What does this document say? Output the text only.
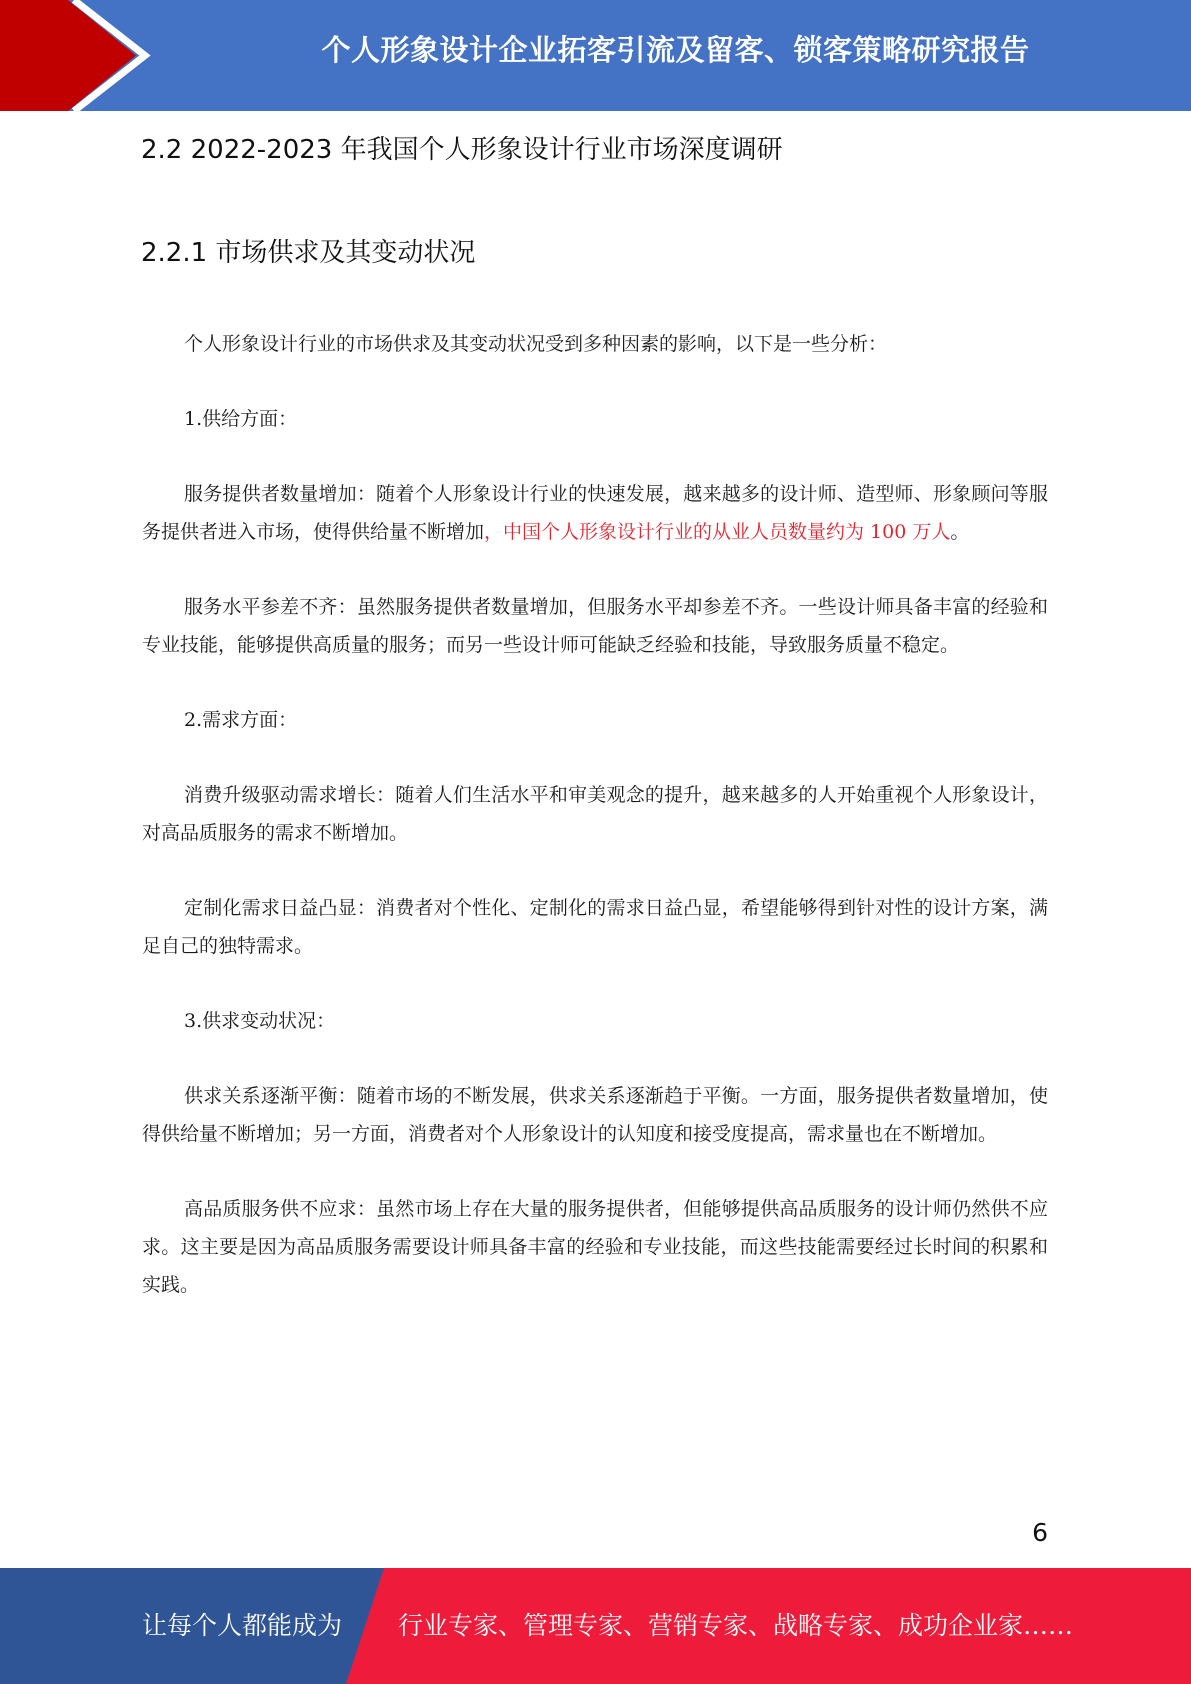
个人形象设计企业拓客引流及留客、锁客策略研究报告
2.2 2022-2023 年我国个人形象设计行业市场深度调研
2.2.1 市场供求及其变动状况

个人形象设计行业的市场供求及其变动状况受到多种因素的影响，以下是一些分析：

1.供给方面：

服务提供者数量增加：随着个人形象设计行业的快速发展，越来越多的设计师、造型师、形象顾问等服务提供者进入市场，使得供给量不断增加，中国个人形象设计行业的从业人员数量约为 100 万人。

服务水平参差不齐：虽然服务提供者数量增加，但服务水平却参差不齐。一些设计师具备丰富的经验和专业技能，能够提供高质量的服务；而另一些设计师可能缺乏经验和技能，导致服务质量不稳定。

2.需求方面：

消费升级驱动需求增长：随着人们生活水平和审美观念的提升，越来越多的人开始重视个人形象设计，对高品质服务的需求不断增加。

定制化需求日益凸显：消费者对个性化、定制化的需求日益凸显，希望能够得到针对性的设计方案，满足自己的独特需求。

3.供求变动状况：

供求关系逐渐平衡：随着市场的不断发展，供求关系逐渐趋于平衡。一方面，服务提供者数量增加，使得供给量不断增加；另一方面，消费者对个人形象设计的认知度和接受度提高，需求量也在不断增加。

高品质服务供不应求：虽然市场上存在大量的服务提供者，但能够提供高品质服务的设计师仍然供不应求。这主要是因为高品质服务需要设计师具备丰富的经验和专业技能，而这些技能需要经过长时间的积累和实践。

6
让每个人都能成为 行业专家、管理专家、营销专家、战略专家、成功企业家……
